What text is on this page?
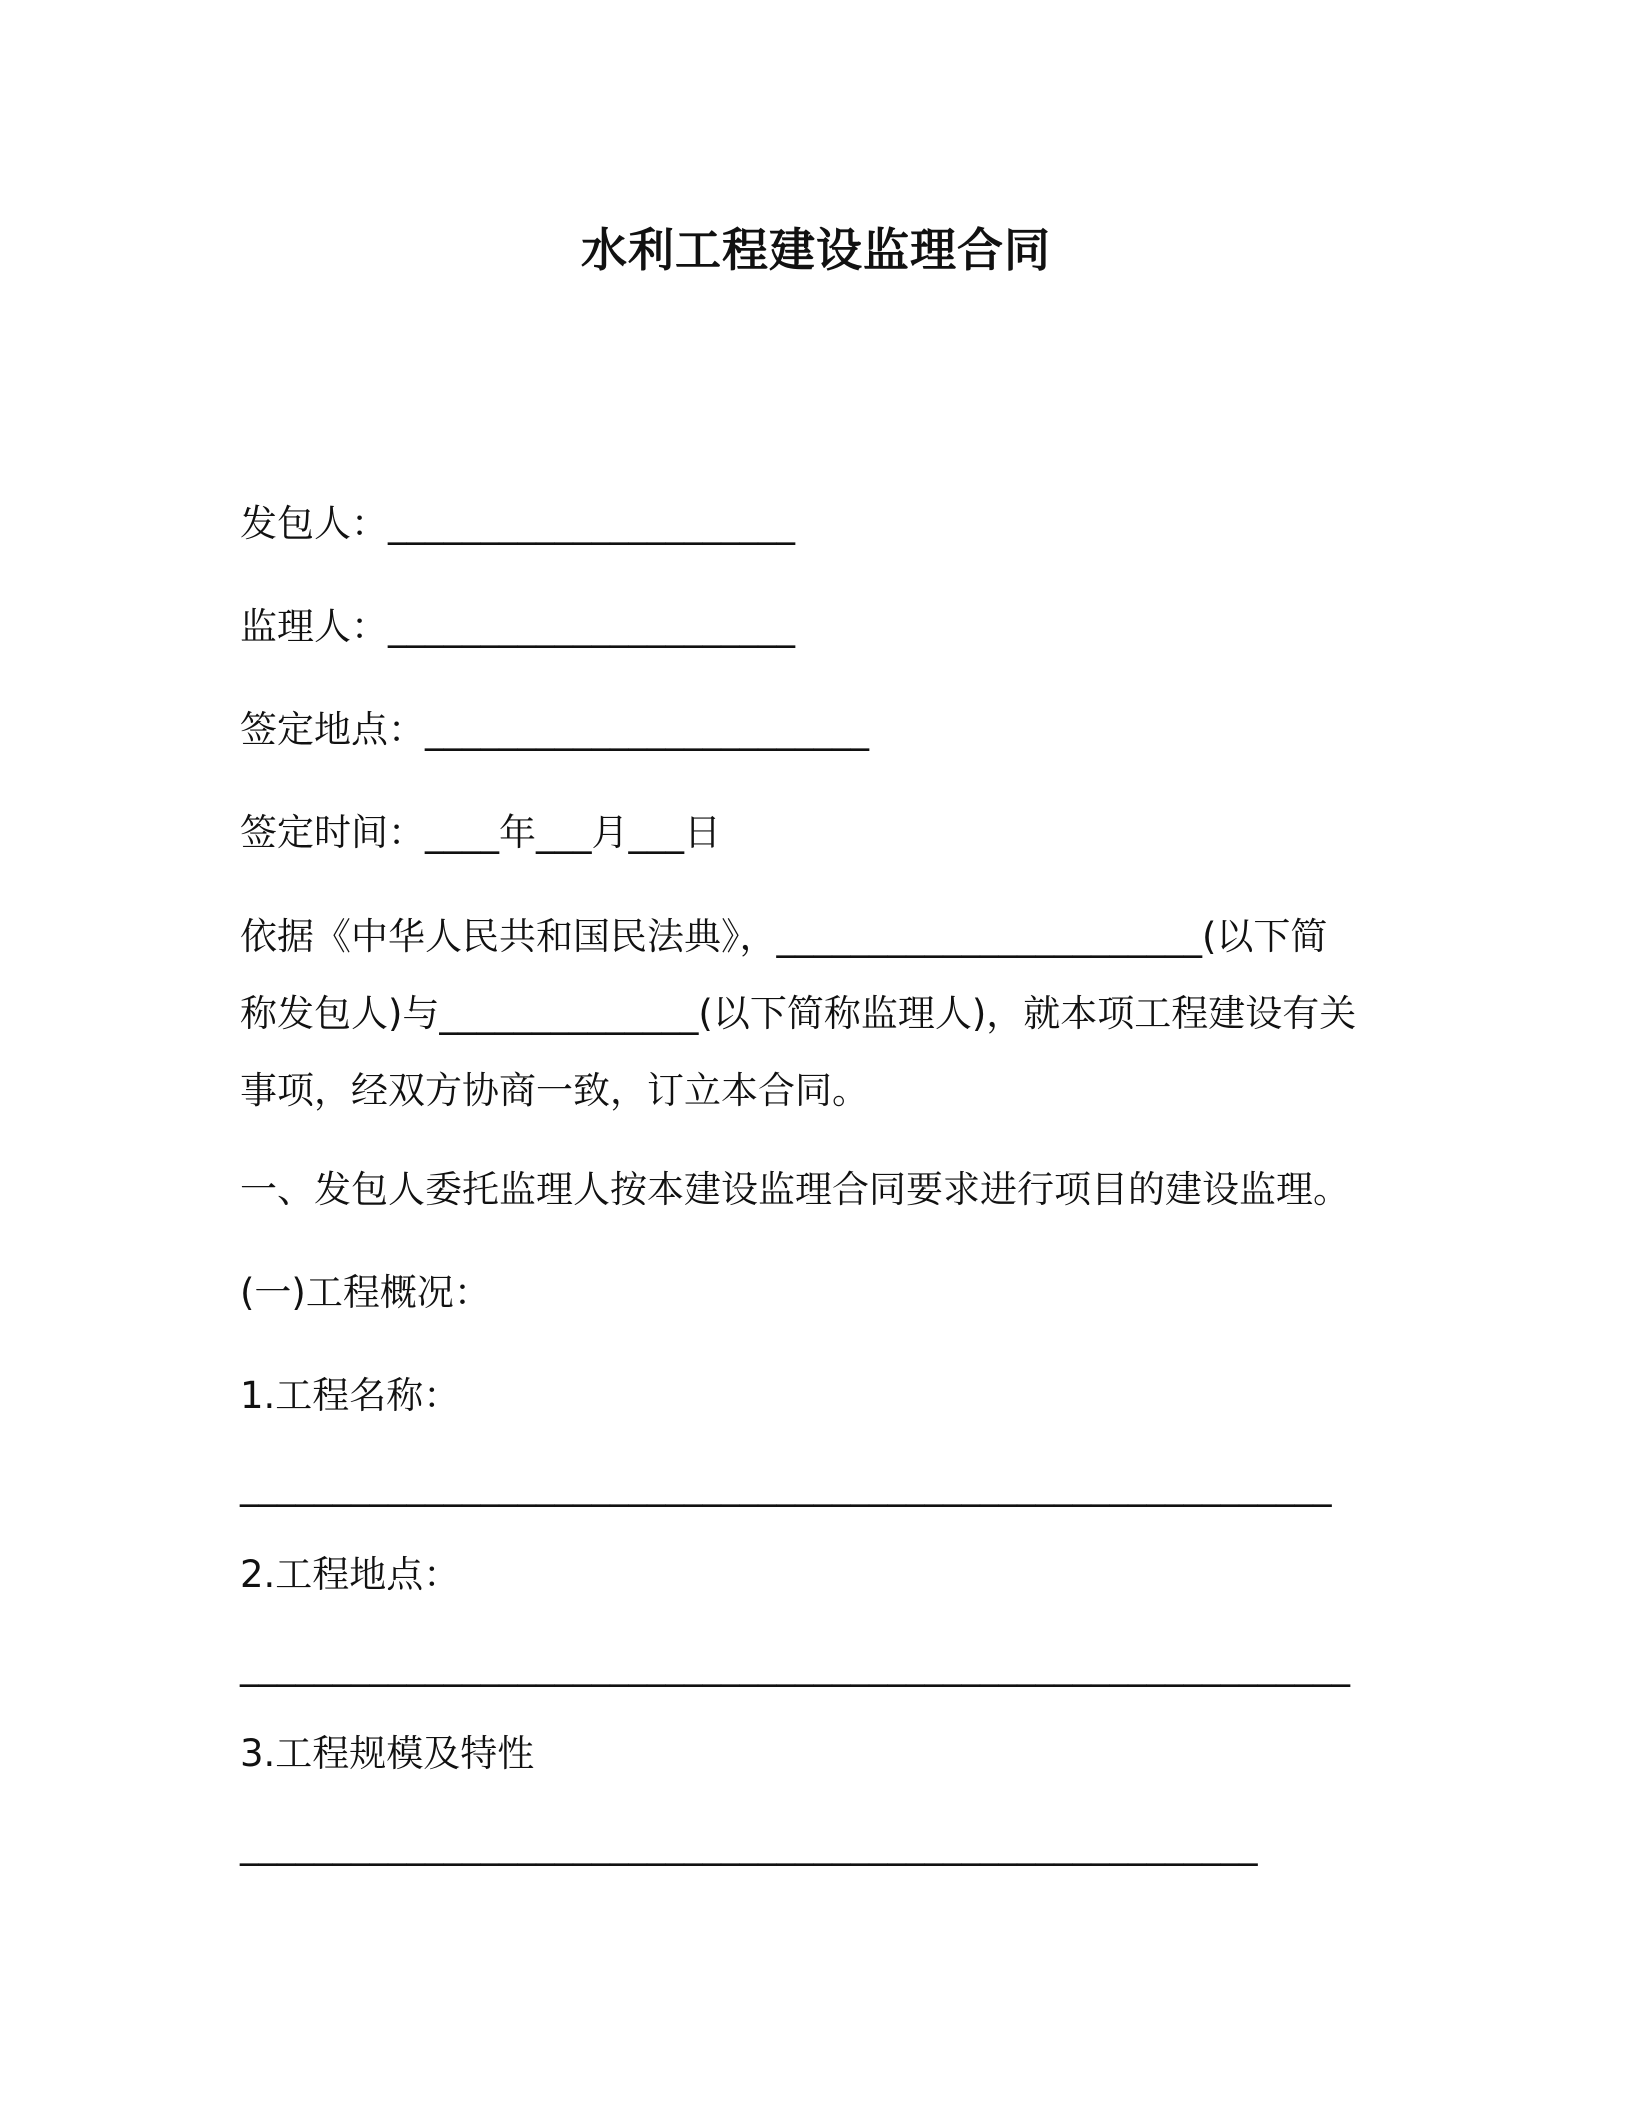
水利工程建设监理合同
发包人：______________________
监理人：______________________
签定地点：________________________
签定时间：____年___月___日
依据《中华人民共和国民法典》，_______________________(以下简
称发包人)与______________(以下简称监理人)，就本项工程建设有关
事项，经双方协商一致，订立本合同。
一、发包人委托监理人按本建设监理合同要求进行项目的建设监理。
(一)工程概况：
1.工程名称：
___________________________________________________________
2.工程地点：
____________________________________________________________
3.工程规模及特性
_______________________________________________________
